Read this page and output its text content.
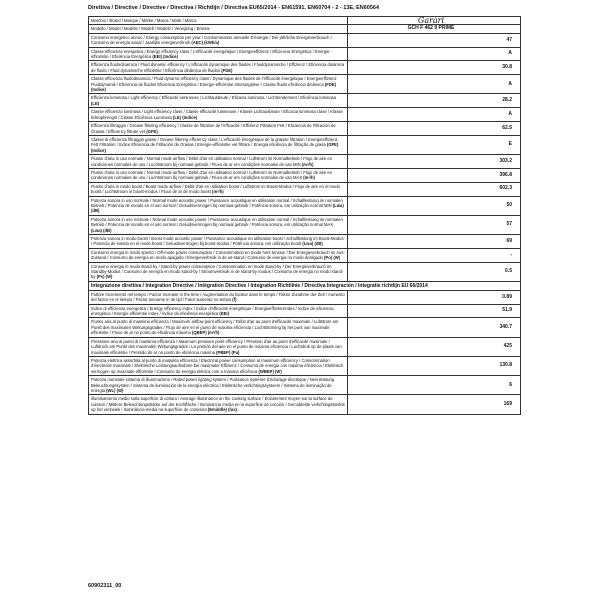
Direttiva / Directive / Directive / Directiva / Richtlijn / Directiva EU65/2014 - EN61591, EN60704 - 2 - 13E, EN60564
Marchio / Brand / Marque / Marke / Marca / Mark / Marca	Garari
Modello / Model / Modèle / Modell / Modelo / Verwijzing / Brinsar	GCH F 462 9 PRIME
Consumo energetico annuo / Energy consumption per year / Consommation annuelle D'énergie / Der jährliche Energieverbrauch / Consumo de energía anual / Jaarlijks energieverbruik (AEC) (kWh/a)	47
Classe efficienza energetica / Energy efficiency class / L'efficacité énergétique / Energieeffizienz / Eficiencia Energética / Energie-efficiëntie / Eficiência Energética (EEI) (Indice)	A
Efficienza fluidodinamica / Fluid dynamic efficiency / L'efficacité dynamique des fluides / Fluiddynamische / Effizienz / Eficiencia dinámica de fluido / Fluid dynamische efficiëntie / Eficiência dinâmica de fluidos (FDE)	30.8
Classe efficienza fluidodinamica / Fluid dynamic efficiency class / Dynamique des fluides de l'efficacité énergétique / Energieeffizienz Fluiddynamik / Eficiencia de fluidos Eficiencia Energética / Energie-efficiëntie stromingsleer / Classe fluido eficiência dinâmica (FDE) (Indice)	A
Efficienza luminosa / Light efficiency / Efficacité lumineuse / Lichtausbeute / Eficacia luminosa / Lichtrendement / Eficiência luminosa (LE)	28.2
Classe efficienza luminosa / Light efficiency class / Classe efficacité lumineuse / Klasse Lichtausbeute / Eficacia luminosa clase / Klasse lichtopbrengst / Classe Eficiência Luminosa (LE) (Indice)	A
Efficienza filtraggio / Grease filtering efficiency / Classe de filtration de l'efficacité / Effizienz Filtration Fett / Eficiencia de Filtración de Grasas / Efficiency filtrate vet (GFE)	62.5
Classe di efficienza filtraggio grassi / Grease filtering efficiency class / L'efficacité énergétique de la graisse filtration / Energieeffizienz Fett Filtration / Indice Eficiencia de Filtración de Grasas / Energie-efficiëntie vet filtrare / Energia eficiência de filtração de grasa (GFE) (Indice)	E
Flusso d'aria in uso normale / Normal mode airflow / Débit d'air en utilisation normal / Luftstrom im Normalbetrieb / Flujo de aire en condiciones normales de uso / Luchtstroom bij normaal gebruik / Fluxo de ar em condições normales de uso MIN (m³/h)	303.2
Flusso d'aria in uso normale / Normal mode airflow / Débit d'air en utilisation normal / Luftstrom im Normalbetrieb / Flujo de aire en condiciones normales de uso / Luchtstroom bij normaal gebruik / Fluxo de ar em condições normales de uso MAX (m³/h)	396.8
Flusso d'aria in modo boost / Boost mode airflow / Débit d'air en utilisation boost / Luftstrom im Boost-Modus / Flujo de aire en el modo boost / Luchtstroom in boost-modus / Fluxo de ar de modo boost (m³/h)	602.3
Potenza sonora in uso normale / Normal mode acoustic power / Puissance acoustique en utilisation normal / Schallleistung im normalen Betrieb / Potencia de sonido en el uso normal / Geluidsvermogen bij normaal gebruik / Potência sonora, em utilização normal MIN (Lwa) (dB)	50
Potenza sonora in uso normale / Normal mode acoustic power / Puissance acoustique en utilisation normal / Schallleistung im normalen Betrieb / Potencia de sonido en el uso normal / Geluidsvermogen bij normaal gebruik / Potência sonora, em utilização normal MAX (Lwa) (dB)	57
Potenza sonora in modo boost / Boost mode acoustic power / Puissance acoustique en utilisation boost / Schallleistung im Boost-Modus / Potencia de sonido en el modo boost / Geluidsvermogen bij boost-modus / Potência sonora, em utilização boost (Lwa) (dB)	69
Consumo energia in modo spento / Off-mode power consumption / Consommation en mode hors tension / Der Energieverbrauch im Aus-Zustand / Consumo de energía en modo apagado / Energieverbruik in de uit-stand / Consumo de energia no modo desligado (Po) (W)	-
Consumo energia in modo stand-by / Stand-by power consumption / Consommation en mode stand-by / Der Energieverbrauch im Standby-Modus / Consumo de energía en modo stand-by / Stroomverbruik in de stand-by modus / Consumo de energia no modo stand-by (Ps) (W)	0.5
Integrazione direttiva / Integration Directive / Intégration Directive / Integration Richtlinie / Directiva Integración / Integratie richtlijn EU 66/2014	
Fattore Incremento nel tempo / Factor Increase in the time / Augmentation du facteur dans le temps / Faktor Zunahme der Zeit / Aumento del factor en el tiempo / Factor toename in de tijd / Fator aumento no tempo (f)	0.89
Indice di efficienza energetica / Energy efficiency index / Indice d'efficacité énergétique / Energieeffizienzindex / Indice de eficiencia energética / Energie efficiëntie index / Índice de eficiência energética (EEI)	51.9
Flusso aria al punto di massima efficienza / Maximum airflow point efficiency / Débit d'air au point d'efficacité maximale / Luftstrom am Punkt des maximalen Wirkungsgrades / Flujo de aire en el punto de máxima eficiencia / Luchtstroming bij het punt van maximale efficiëntie / Fluxo de ar no ponto de eficiência máxima (QBEP) (m³/h)	340.7
Pressione aria al punto di massima efficienza / Maximum pressure point efficiency / Pression d'air au point d'efficacité maximale / Luftdruck am Punkt des maximalen Wirkungsgrades / La presión del aire en el punto de máxima eficiencia / Luchtdruk op de plaats van maximale efficiëntie / Pressão do ar no ponto de eficiência máxima (PBEP) (Pa)	425
Potenza elettrica assorbita al punto di massima efficienza / Electrical power consumption at maximum efficiency / Consommation d'électricité maximale / Elektrische Leistungsaufnahme bei maximaler Effizienz / Consumo de energía con máxima eficiencia / Elektrisch vermogen op maximale efficiëntie / Consumo de energia elétrica com a máxima eficiência (WBEP) (W)	130.8
Potenza nominale sistema di illuminazione / Rated power lighting system / Puissance système d'éclairage électrique / Nennleistung Beleuchtungssystem / Sistema de iluminación de la energía eléctrica / Elektrische verlichtingssysteem / Sistema de iluminação de energia (WL) (W)	6
Illuminamento medio sulla superficie di cottura / Average illuminance on the cooking surface / Éclairement moyen sur la surface de cuisson / Mittlere Beleuchtungsstärke auf der Kochfläche / Iluminancia media en la superficie de cocción / Gemiddelde verlichtingssterkte op het verkwiek / Iluminância média na superfície de cozedura (Emiddle) (lux)	169
60902311_00
